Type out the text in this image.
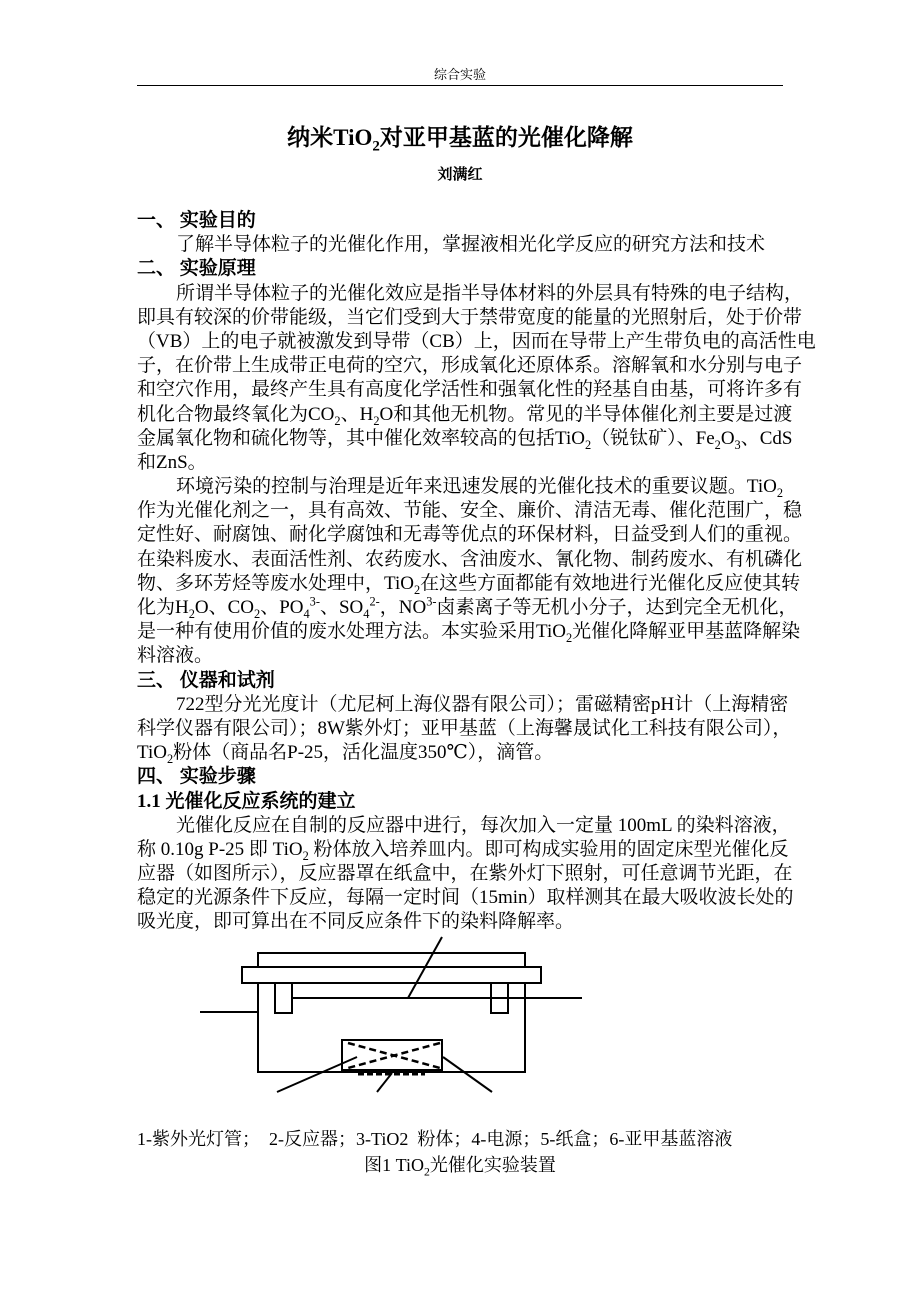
综合实验
纳米TiO$_2$对亚甲基蓝的光催化降解
刘满红
一、 实验目的
了解半导体粒子的光催化作用，掌握液相光化学反应的研究方法和技术
二、 实验原理
所谓半导体粒子的光催化效应是指半导体材料的外层具有特殊的电子结构，
即具有较深的价带能级，当它们受到大于禁带宽度的能量的光照射后，处于价带
（VB）上的电子就被激发到导带（CB）上，因而在导带上产生带负电的高活性电
子，在价带上生成带正电荷的空穴，形成氧化还原体系。溶解氧和水分别与电子
和空穴作用，最终产生具有高度化学活性和强氧化性的羟基自由基，可将许多有
机化合物最终氧化为$CO_2$、$H_2O$和其他无机物。常见的半导体催化剂主要是过渡
金属氧化物和硫化物等，其中催化效率较高的包括TiO$_2$（锐钛矿）、$Fe_2O_3$、CdS
和ZnS。
环境污染的控制与治理是近年来迅速发展的光催化技术的重要议题。TiO$_2$
作为光催化剂之一，具有高效、节能、安全、廉价、清洁无毒、催化范围广，稳
定性好、耐腐蚀、耐化学腐蚀和无毒等优点的环保材料，日益受到人们的重视。
在染料废水、表面活性剂、农药废水、含油废水、氰化物、制药废水、有机磷化
物、多环芳烃等废水处理中，TiO$_2$在这些方面都能有效地进行光催化反应使其转
化为$H_2O$、$CO_2$、$PO_4^{3-}$、$SO_4^{2-}$，$NO^{3-}$卤素离子等无机小分子，达到完全无机化，
是一种有使用价值的废水处理方法。本实验采用TiO$_2$光催化降解亚甲基蓝降解染
料溶液。
三、 仪器和试剂
722型分光光度计（尤尼柯上海仪器有限公司）；雷磁精密pH计（上海精密
科学仪器有限公司）；8W紫外灯；亚甲基蓝（上海馨晟试化工科技有限公司），
TiO$_2$粉体（商品名P-25，活化温度350℃），滴管。
四、 实验步骤
1.1 光催化反应系统的建立
光催化反应在自制的反应器中进行，每次加入一定量 100mL 的染料溶液，
称 0.10g P-25 即 TiO$_2$ 粉体放入培养皿内。即可构成实验用的固定床型光催化反
应器（如图所示），反应器罩在纸盒中，在紫外灯下照射，可任意调节光距，在
稳定的光源条件下反应，每隔一定时间（15min）取样测其在最大吸收波长处的
吸光度，即可算出在不同反应条件下的染料降解率。
1-紫外光灯管；  2-反应器；3-TiO2  粉体；4-电源；5-纸盒；6-亚甲基蓝溶液
图1 TiO$_2$光催化实验装置
